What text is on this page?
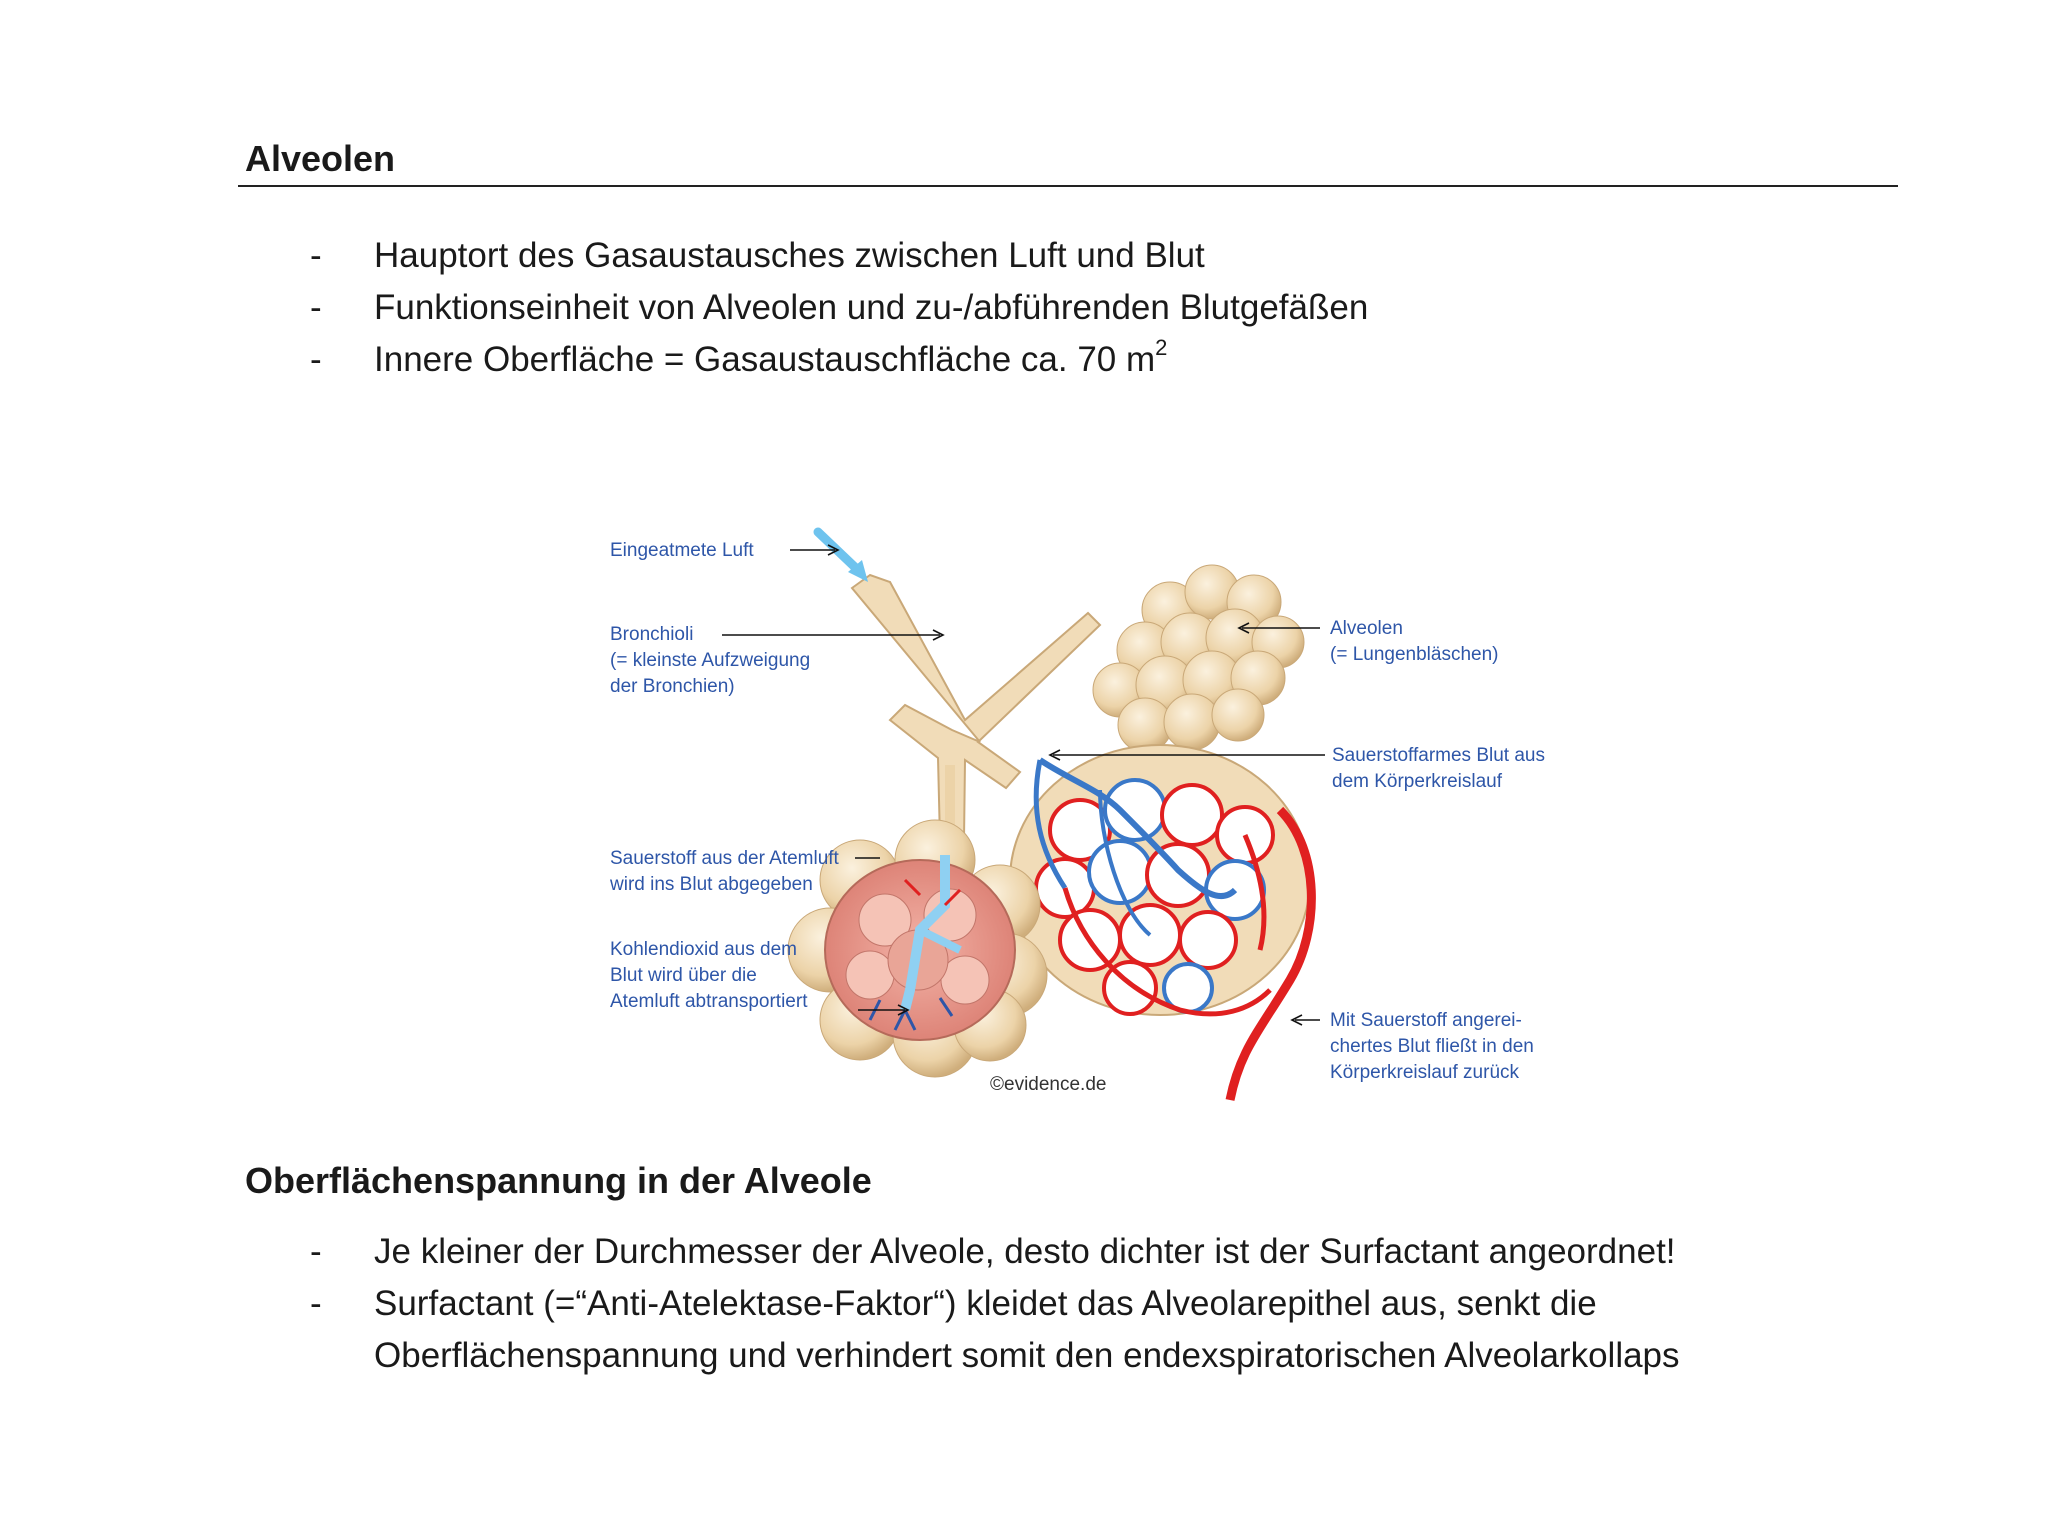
Alveolen
- Hauptort des Gasaustausches zwischen Luft und Blut
- Funktionseinheit von Alveolen und zu-/abführenden Blutgefäßen
- Innere Oberfläche = Gasaustauschfläche ca. 70 $m^2$
Eingeatmete Luft
Bronchioli
(= kleinste Aufzweigung
der Bronchien)
Alveolen
(= Lungenbläschen)
Sauerstoffarmes Blut aus
dem Körperkreislauf
Sauerstoff aus der Atemluft
wird ins Blut abgegeben
Kohlendioxid aus dem
Blut wird über die
Atemluft abtransportiert
Mit Sauerstoff angerei-
chertes Blut fließt in den
Körperkreislauf zurück
©evidence.de
Oberflächenspannung in der Alveole
- Je kleiner der Durchmesser der Alveole, desto dichter ist der Surfactant angeordnet!
- Surfactant (=“Anti-Atelektase-Faktor“) kleidet das Alveolarepithel aus, senkt die Oberflächenspannung und verhindert somit den endexspiratorischen Alveolarkollaps
